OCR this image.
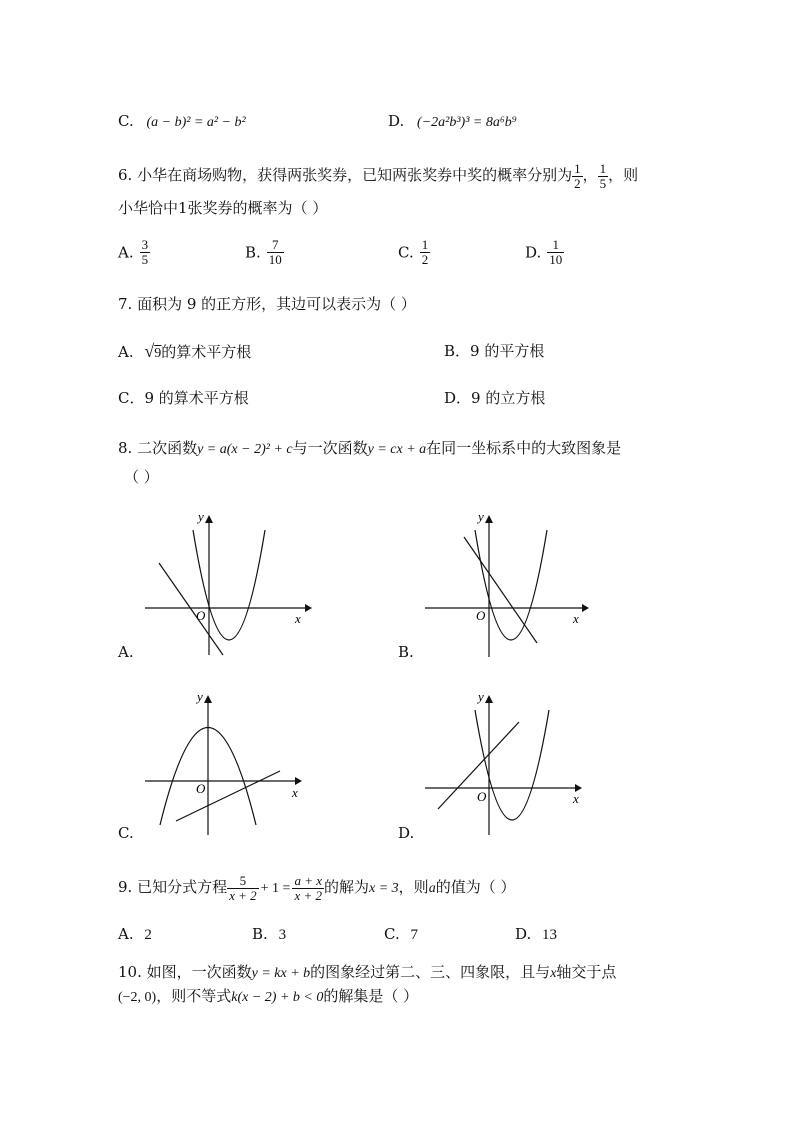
C. (a − b)² = a² − b²	D. (−2a²b³)³ = 8a⁶b⁹
6. 小华在商场购物，获得两张奖券，已知两张奖券中奖的概率分别为 $\frac{1}{2}$ ， $\frac{1}{5}$ ，则
小华恰中1张奖券的概率为（ ）
A. $\frac{3}{5}$	B. $\frac{7}{10}$	C. $\frac{1}{2}$	D. $\frac{1}{10}$
7. 面积为 9 的正方形，其边可以表示为（ ）
A. √9的算术平方根	B．9 的平方根
C．9 的算术平方根	D．9 的立方根
8. 二次函数y = a(x − 2)² + c与一次函数y = cx + a在同一坐标系中的大致图象是
（ ）
y
x
O
A.
y
x
O
B.
y
x
O
C.
y
x
O
D.
9. 已知分式方程 $\frac{5}{x + 2} + 1 = \frac{a + x}{x + 2}$ 的解为x = 3，则a的值为（ ）
A. 2	B. 3	C. 7	D. 13
10. 如图，一次函数y = kx + b的图象经过第二、三、四象限，且与x轴交于点
(−2, 0)，则不等式k(x − 2) + b < 0的解集是（ ）
